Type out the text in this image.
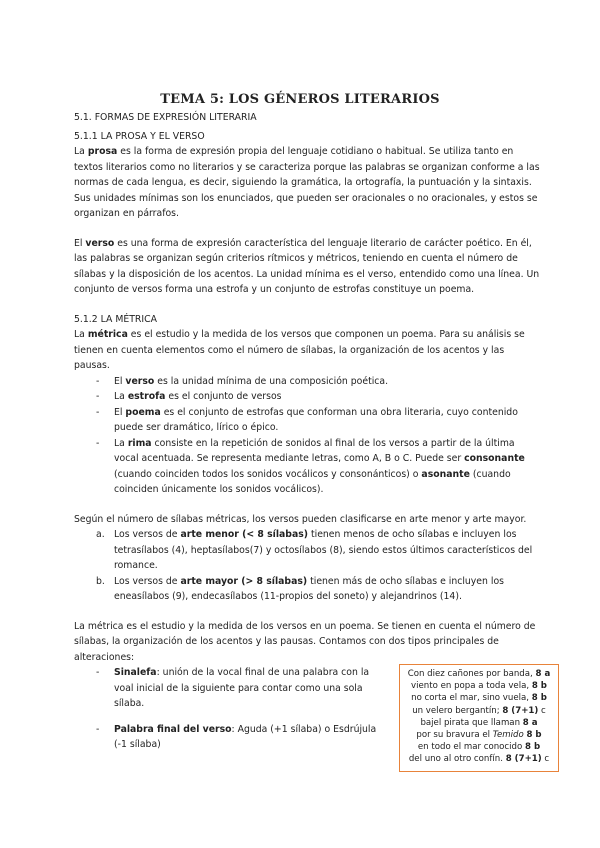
TEMA 5: LOS GÉNEROS LITERARIOS

5.1. FORMAS DE EXPRESIÓN LITERARIA

5.1.1 LA PROSA Y EL VERSO

La prosa es la forma de expresión propia del lenguaje cotidiano o habitual. Se utiliza tanto en textos literarios como no literarios y se caracteriza porque las palabras se organizan conforme a las normas de cada lengua, es decir, siguiendo la gramática, la ortografía, la puntuación y la sintaxis. Sus unidades mínimas son los enunciados, que pueden ser oracionales o no oracionales, y estos se organizan en párrafos.

El verso es una forma de expresión característica del lenguaje literario de carácter poético. En él, las palabras se organizan según criterios rítmicos y métricos, teniendo en cuenta el número de sílabas y la disposición de los acentos. La unidad mínima es el verso, entendido como una línea. Un conjunto de versos forma una estrofa y un conjunto de estrofas constituye un poema.

5.1.2 LA MÉTRICA

La métrica es el estudio y la medida de los versos que componen un poema. Para su análisis se tienen en cuenta elementos como el número de sílabas, la organización de los acentos y las pausas.

- El verso es la unidad mínima de una composición poética.
- La estrofa es el conjunto de versos
- El poema es el conjunto de estrofas que conforman una obra literaria, cuyo contenido puede ser dramático, lírico o épico.
- La rima consiste en la repetición de sonidos al final de los versos a partir de la última vocal acentuada. Se representa mediante letras, como A, B o C. Puede ser consonante (cuando coinciden todos los sonidos vocálicos y consonánticos) o asonante (cuando coinciden únicamente los sonidos vocálicos).

Según el número de sílabas métricas, los versos pueden clasificarse en arte menor y arte mayor.

a. Los versos de arte menor (< 8 sílabas) tienen menos de ocho sílabas e incluyen los tetrasílabos (4), heptasílabos(7) y octosílabos (8), siendo estos últimos característicos del romance.
b. Los versos de arte mayor (> 8 sílabas) tienen más de ocho sílabas e incluyen los eneasílabos (9), endecasílabos (11-propios del soneto) y alejandrinos (14).

La métrica es el estudio y la medida de los versos en un poema. Se tienen en cuenta el número de sílabas, la organización de los acentos y las pausas. Contamos con dos tipos principales de alteraciones:

- Sinalefa: unión de la vocal final de una palabra con la voal inicial de la siguiente para contar como una sola sílaba.
- Palabra final del verso: Aguda (+1 sílaba) o Esdrújula (-1 sílaba)
Con diez cañones por banda, 8 a
viento en popa a toda vela, 8 b
no corta el mar, sino vuela, 8 b
un velero bergantín; 8 (7+1) c
bajel pirata que llaman 8 a
por su bravura el Temido 8 b
en todo el mar conocido 8 b
del uno al otro confín. 8 (7+1) c
